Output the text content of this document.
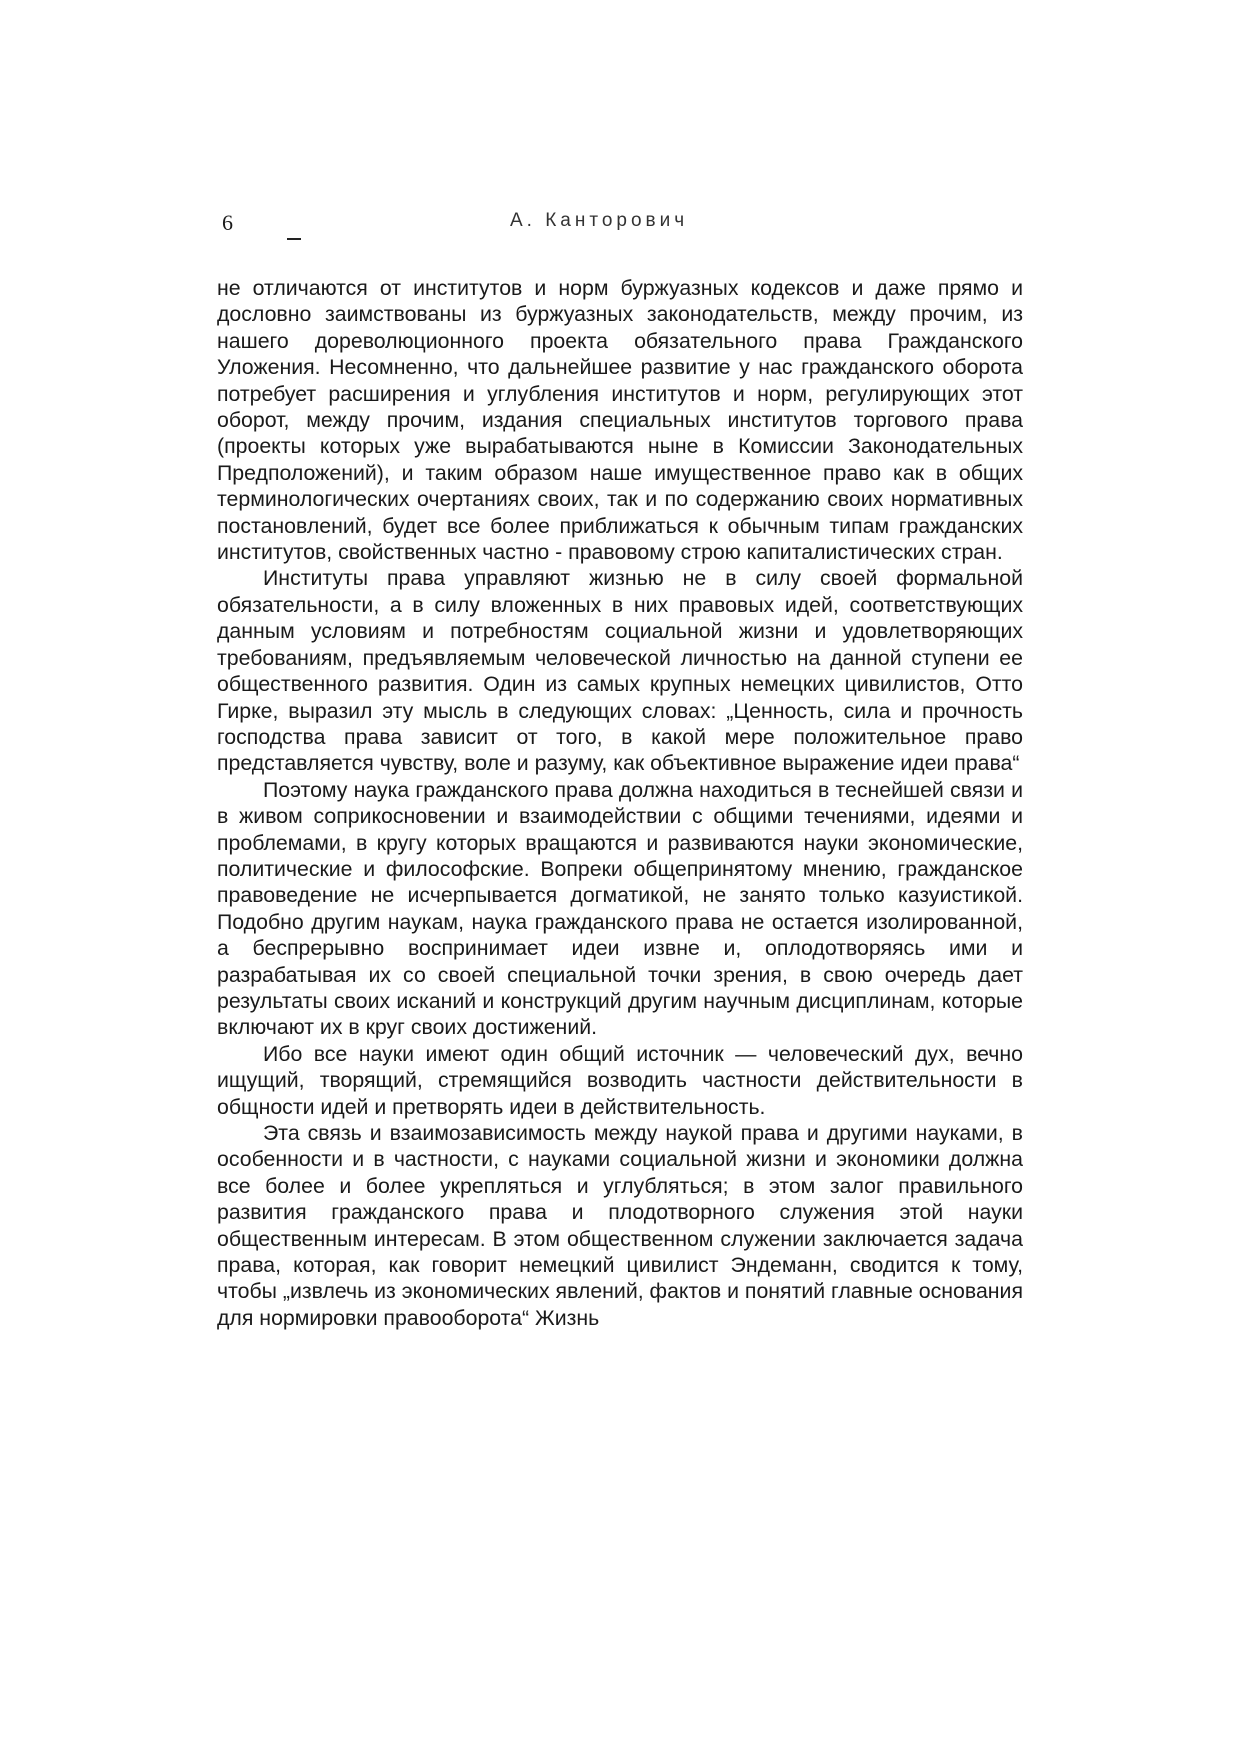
6	А. Канторович

не отличаются от институтов и норм буржуазных кодексов и даже прямо и дословно заимствованы из буржуазных законодательств, между прочим, из нашего дореволюционного проекта обязательного права Гражданского Уложения. Несомненно, что дальнейшее развитие у нас гражданского оборота потребует расширения и углубления институтов и норм, регулирующих этот оборот, между прочим, издания специальных институтов торгового права (проекты которых уже вырабатываются ныне в Комиссии Законодательных Предположений), и таким образом наше имущественное право как в общих терминологических очертаниях своих, так и по содержанию своих нормативных постановлений, будет все более приближаться к обычным типам гражданских институтов, свойственных частно - правовому строю капиталистических стран.

Институты права управляют жизнью не в силу своей формальной обязательности, а в силу вложенных в них правовых идей, соответствующих данным условиям и потребностям социальной жизни и удовлетворяющих требованиям, предъявляемым человеческой личностью на данной ступени ее общественного развития. Один из самых крупных немецких цивилистов, Отто Гирке, выразил эту мысль в следующих словах: „Ценность, сила и прочность господства права зависит от того, в какой мере положительное право представляется чувству, воле и разуму, как объективное выражение идеи права“

Поэтому наука гражданского права должна находиться в теснейшей связи и в живом соприкосновении и взаимодействии с общими течениями, идеями и проблемами, в кругу которых вращаются и развиваются науки экономические, политические и философские. Вопреки общепринятому мнению, гражданское правоведение не исчерпывается догматикой, не занято только казуистикой. Подобно другим наукам, наука гражданского права не остается изолированной, а беспрерывно воспринимает идеи извне и, оплодотворяясь ими и разрабатывая их со своей специальной точки зрения, в свою очередь дает результаты своих исканий и конструкций другим научным дисциплинам, которые включают их в круг своих достижений.

Ибо все науки имеют один общий источник — человеческий дух, вечно ищущий, творящий, стремящийся возводить частности действительности в общности идей и претворять идеи в действительность.

Эта связь и взаимозависимость между наукой права и другими науками, в особенности и в частности, с науками социальной жизни и экономики должна все более и более укрепляться и углубляться; в этом залог правильного развития гражданского права и плодотворного служения этой науки общественным интересам. В этом общественном служении заключается задача права, которая, как говорит немецкий цивилист Эндеманн, сводится к тому, чтобы „извлечь из экономических явлений, фактов и понятий главные основания для нормировки правооборота“ Жизнь
